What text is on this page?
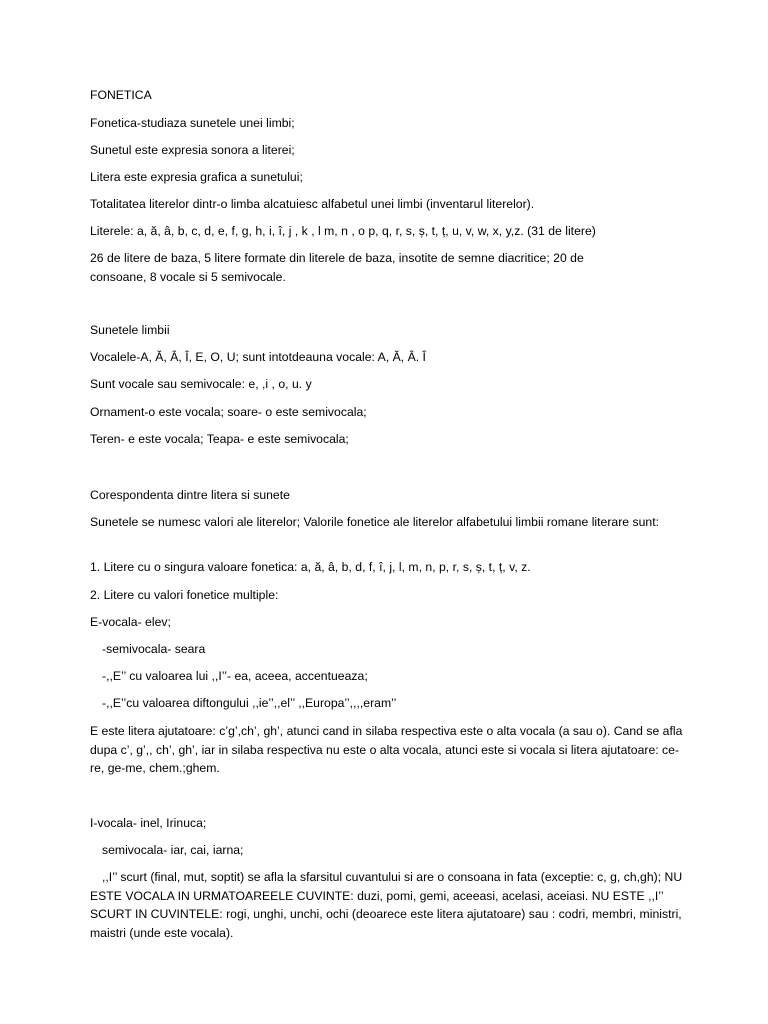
FONETICA
Fonetica-studiaza sunetele unei limbi;
Sunetul este expresia sonora a literei;
Litera este expresia grafica a sunetului;
Totalitatea literelor dintr-o limba alcatuiesc alfabetul unei limbi (inventarul literelor).
Literele: a, ă, â, b, c, d, e, f, g, h, i, î, j , k , l m, n , o p, q, r, s, ș, t, ț, u, v, w, x, y,z. (31 de litere)
26 de litere de baza, 5 litere formate din literele de baza, insotite de semne diacritice; 20 de consoane, 8 vocale si 5 semivocale.
Sunetele limbii
Vocalele-A, Ă, Â, Î, E, O, U; sunt intotdeauna vocale: A, Ă, Â. Î
Sunt vocale sau semivocale: e, ,i , o, u. y
Ornament-o este vocala; soare- o este semivocala;
Teren- e este vocala; Teapa- e este semivocala;
Corespondenta dintre litera si sunete
Sunetele se numesc valori ale literelor; Valorile fonetice ale literelor alfabetului limbii romane literare sunt:
1. Litere cu o singura valoare fonetica: a, ă, â, b, d, f, î, j, l, m, n, p, r, s, ș, t, ț, v, z.
2. Litere cu valori fonetice multiple:
E-vocala- elev;
-semivocala- seara
-,,E’’ cu valoarea lui ,,I’’- ea, aceea, accentueaza;
-,,E’’cu valoarea diftongului ,,ie’’,,el’’ ,,Europa’’,,,,eram’’
E este litera ajutatoare: c’g’,ch’, gh’, atunci cand in silaba respectiva este o alta vocala (a sau o). Cand se afla dupa c’, g’,, ch’, gh’, iar in silaba respectiva nu este o alta vocala, atunci este si vocala si litera ajutatoare: ce-re, ge-me, chem.;ghem.
I-vocala- inel, Irinuca;
semivocala- iar, cai, iarna;
,,I’’ scurt (final, mut, soptit) se afla la sfarsitul cuvantului si are o consoana in fata (exceptie: c, g, ch,gh); NU ESTE VOCALA IN URMATOAREELE CUVINTE: duzi, pomi, gemi, aceeasi, acelasi, aceiasi. NU ESTE ,,I’’ SCURT IN CUVINTELE: rogi, unghi, unchi, ochi (deoarece este litera ajutatoare) sau : codri, membri, ministri, maistri (unde este vocala).
